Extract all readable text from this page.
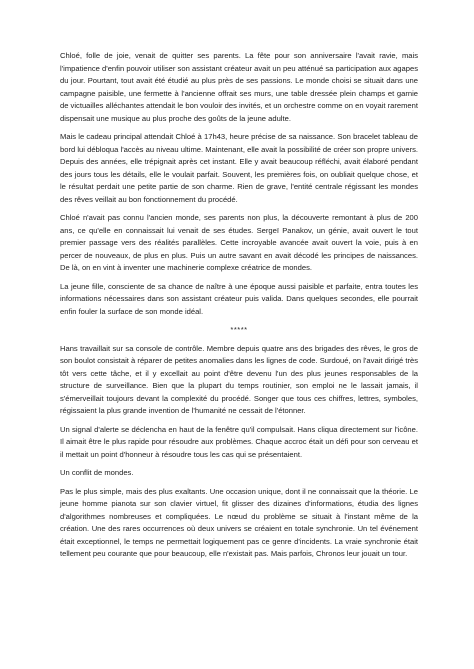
Chloé, folle de joie, venait de quitter ses parents. La fête pour son anniversaire l'avait ravie, mais l'impatience d'enfin pouvoir utiliser son assistant créateur avait un peu atténué sa participation aux agapes du jour. Pourtant, tout avait été étudié au plus près de ses passions. Le monde choisi se situait dans une campagne paisible, une fermette à l'ancienne offrait ses murs, une table dressée plein champs et garnie de victuailles alléchantes attendait le bon vouloir des invités, et un orchestre comme on en voyait rarement dispensait une musique au plus proche des goûts de la jeune adulte.

Mais le cadeau principal attendait Chloé à 17h43, heure précise de sa naissance. Son bracelet tableau de bord lui débloqua l'accès au niveau ultime. Maintenant, elle avait la possibilité de créer son propre univers. Depuis des années, elle trépignait après cet instant. Elle y avait beaucoup réfléchi, avait élaboré pendant des jours tous les détails, elle le voulait parfait. Souvent, les premières fois, on oubliait quelque chose, et le résultat perdait une petite partie de son charme. Rien de grave, l'entité centrale régissant les mondes des rêves veillait au bon fonctionnement du procédé.

Chloé n'avait pas connu l'ancien monde, ses parents non plus, la découverte remontant à plus de 200 ans, ce qu'elle en connaissait lui venait de ses études. Sergeï Panakov, un génie, avait ouvert le tout premier passage vers des réalités parallèles. Cette incroyable avancée avait ouvert la voie, puis à en percer de nouveaux, de plus en plus. Puis un autre savant en avait décodé les principes de naissances. De là, on en vint à inventer une machinerie complexe créatrice de mondes.

La jeune fille, consciente de sa chance de naître à une époque aussi paisible et parfaite, entra toutes les informations nécessaires dans son assistant créateur puis valida. Dans quelques secondes, elle pourrait enfin fouler la surface de son monde idéal.

*****

Hans travaillait sur sa console de contrôle. Membre depuis quatre ans des brigades des rêves, le gros de son boulot consistait à réparer de petites anomalies dans les lignes de code. Surdoué, on l'avait dirigé très tôt vers cette tâche, et il y excellait au point d'être devenu l'un des plus jeunes responsables de la structure de surveillance. Bien que la plupart du temps routinier, son emploi ne le lassait jamais, il s'émerveillait toujours devant la complexité du procédé. Songer que tous ces chiffres, lettres, symboles, régissaient la plus grande invention de l'humanité ne cessait de l'étonner.

Un signal d'alerte se déclencha en haut de la fenêtre qu'il compulsait. Hans cliqua directement sur l'icône. Il aimait être le plus rapide pour résoudre aux problèmes. Chaque accroc était un défi pour son cerveau et il mettait un point d'honneur à résoudre tous les cas qui se présentaient.

Un conflit de mondes.

Pas le plus simple, mais des plus exaltants. Une occasion unique, dont il ne connaissait que la théorie. Le jeune homme pianota sur son clavier virtuel, fit glisser des dizaines d'informations, étudia des lignes d'algorithmes nombreuses et compliquées. Le nœud du problème se situait à l'instant même de la création. Une des rares occurrences où deux univers se créaient en totale synchronie. Un tel événement était exceptionnel, le temps ne permettait logiquement pas ce genre d'incidents. La vraie synchronie était tellement peu courante que pour beaucoup, elle n'existait pas. Mais parfois, Chronos leur jouait un tour.
